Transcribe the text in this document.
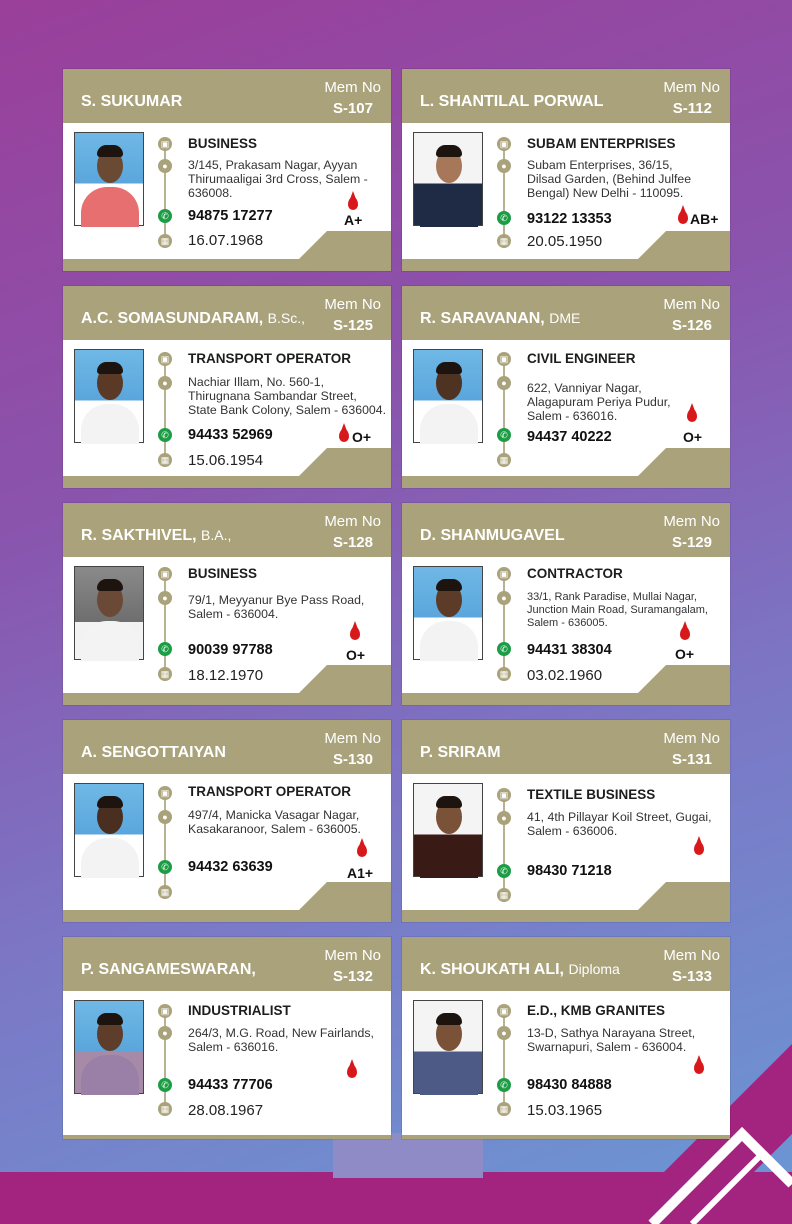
S. SUKUMAR
Mem No
S-107
▣
●
✆
▦
BUSINESS
3/145, Prakasam Nagar, Ayyan Thirumaaligai 3rd Cross, Salem - 636008.
94875 17277
16.07.1968
A+
L. SHANTILAL PORWAL
Mem No
S-112
▣
●
✆
▦
SUBAM ENTERPRISES
Subam Enterprises, 36/15, Dilsad Garden, (Behind Julfee Bengal) New Delhi - 110095.
93122 13353
20.05.1950
AB+
A.C. SOMASUNDARAM, B.Sc.,
Mem No
S-125
▣
●
✆
▦
TRANSPORT OPERATOR
Nachiar Illam, No. 560-1, Thirugnana Sambandar Street, State Bank Colony, Salem - 636004.
94433 52969
15.06.1954
O+
R. SARAVANAN, DME
Mem No
S-126
▣
●
✆
▦
CIVIL ENGINEER
622, Vanniyar Nagar, Alagapuram Periya Pudur, Salem - 636016.
94437 40222	O+
R. SAKTHIVEL, B.A.,
Mem No
S-128
▣
●
✆
▦
BUSINESS
79/1, Meyyanur Bye Pass Road, Salem - 636004.
90039 97788
18.12.1970
O+
D. SHANMUGAVEL
Mem No
S-129
▣
●
✆
▦
CONTRACTOR
33/1, Rank Paradise, Mullai Nagar, Junction Main Road, Suramangalam, Salem - 636005.
94431 38304
03.02.1960
O+
A. SENGOTTAIYAN
Mem No
S-130
▣
●
✆
▦
TRANSPORT OPERATOR
497/4, Manicka Vasagar Nagar, Kasakaranoor, Salem - 636005.
94432 63639	A1+
P. SRIRAM
Mem No
S-131
▣
●
✆
▦
TEXTILE BUSINESS
41, 4th Pillayar Koil Street, Gugai, Salem - 636006.
98430 71218
P. SANGAMESWARAN,
Mem No
S-132
▣
●
✆
▦
INDUSTRIALIST
264/3, M.G. Road, New Fairlands, Salem - 636016.
94433 77706
28.08.1967
K. SHOUKATH ALI, Diploma
Mem No
S-133
▣
●
✆
▦
E.D., KMB GRANITES
13-D, Sathya Narayana Street, Swarnapuri, Salem - 636004.
98430 84888
15.03.1965
